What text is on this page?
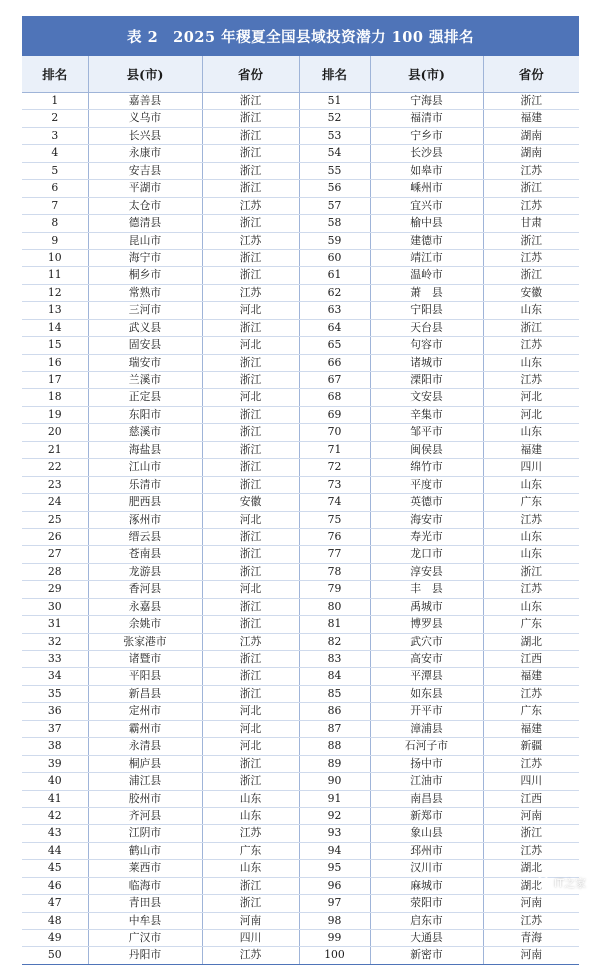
表 2　2025 年稷夏全国县域投资潜力 100 强排名
排名	县(市)	省份	排名	县(市)	省份
1	嘉善县	浙江	51	宁海县	浙江
2	义乌市	浙江	52	福清市	福建
3	长兴县	浙江	53	宁乡市	湖南
4	永康市	浙江	54	长沙县	湖南
5	安吉县	浙江	55	如皋市	江苏
6	平湖市	浙江	56	嵊州市	浙江
7	太仓市	江苏	57	宜兴市	江苏
8	德清县	浙江	58	榆中县	甘肃
9	昆山市	江苏	59	建德市	浙江
10	海宁市	浙江	60	靖江市	江苏
11	桐乡市	浙江	61	温岭市	浙江
12	常熟市	江苏	62	萧　县	安徽
13	三河市	河北	63	宁阳县	山东
14	武义县	浙江	64	天台县	浙江
15	固安县	河北	65	句容市	江苏
16	瑞安市	浙江	66	诸城市	山东
17	兰溪市	浙江	67	溧阳市	江苏
18	正定县	河北	68	文安县	河北
19	东阳市	浙江	69	辛集市	河北
20	慈溪市	浙江	70	邹平市	山东
21	海盐县	浙江	71	闽侯县	福建
22	江山市	浙江	72	绵竹市	四川
23	乐清市	浙江	73	平度市	山东
24	肥西县	安徽	74	英德市	广东
25	涿州市	河北	75	海安市	江苏
26	缙云县	浙江	76	寿光市	山东
27	苍南县	浙江	77	龙口市	山东
28	龙游县	浙江	78	淳安县	浙江
29	香河县	河北	79	丰　县	江苏
30	永嘉县	浙江	80	禹城市	山东
31	余姚市	浙江	81	博罗县	广东
32	张家港市	江苏	82	武穴市	湖北
33	诸暨市	浙江	83	高安市	江西
34	平阳县	浙江	84	平潭县	福建
35	新昌县	浙江	85	如东县	江苏
36	定州市	河北	86	开平市	广东
37	霸州市	河北	87	漳浦县	福建
38	永清县	河北	88	石河子市	新疆
39	桐庐县	浙江	89	扬中市	江苏
40	浦江县	浙江	90	江油市	四川
41	胶州市	山东	91	南昌县	江西
42	齐河县	山东	92	新郑市	河南
43	江阴市	江苏	93	象山县	浙江
44	鹤山市	广东	94	邳州市	江苏
45	莱西市	山东	95	汉川市	湖北
46	临海市	浙江	96	麻城市	湖北
47	青田县	浙江	97	荥阳市	河南
48	中牟县	河南	98	启东市	江苏
49	广汉市	四川	99	大通县	青海
50	丹阳市	江苏	100	新密市	河南
IT之家
